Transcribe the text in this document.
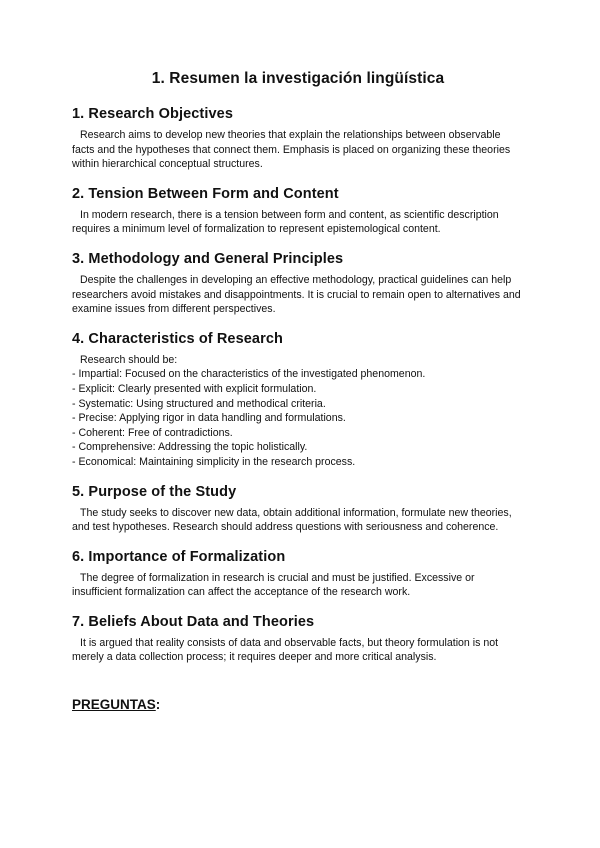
1. Resumen la investigación lingüística
1. Research Objectives

Research aims to develop new theories that explain the relationships between observable facts and the hypotheses that connect them. Emphasis is placed on organizing these theories within hierarchical conceptual structures.

2. Tension Between Form and Content

In modern research, there is a tension between form and content, as scientific description requires a minimum level of formalization to represent epistemological content.

3. Methodology and General Principles

Despite the challenges in developing an effective methodology, practical guidelines can help researchers avoid mistakes and disappointments. It is crucial to remain open to alternatives and examine issues from different perspectives.

4. Characteristics of Research
Research should be:
- Impartial: Focused on the characteristics of the investigated phenomenon.
- Explicit: Clearly presented with explicit formulation.
- Systematic: Using structured and methodical criteria.
- Precise: Applying rigor in data handling and formulations.
- Coherent: Free of contradictions.
- Comprehensive: Addressing the topic holistically.
- Economical: Maintaining simplicity in the research process.
5. Purpose of the Study

The study seeks to discover new data, obtain additional information, formulate new theories, and test hypotheses. Research should address questions with seriousness and coherence.

6. Importance of Formalization

The degree of formalization in research is crucial and must be justified. Excessive or insufficient formalization can affect the acceptance of the research work.

7. Beliefs About Data and Theories

It is argued that reality consists of data and observable facts, but theory formulation is not merely a data collection process; it requires deeper and more critical analysis.

PREGUNTAS:
